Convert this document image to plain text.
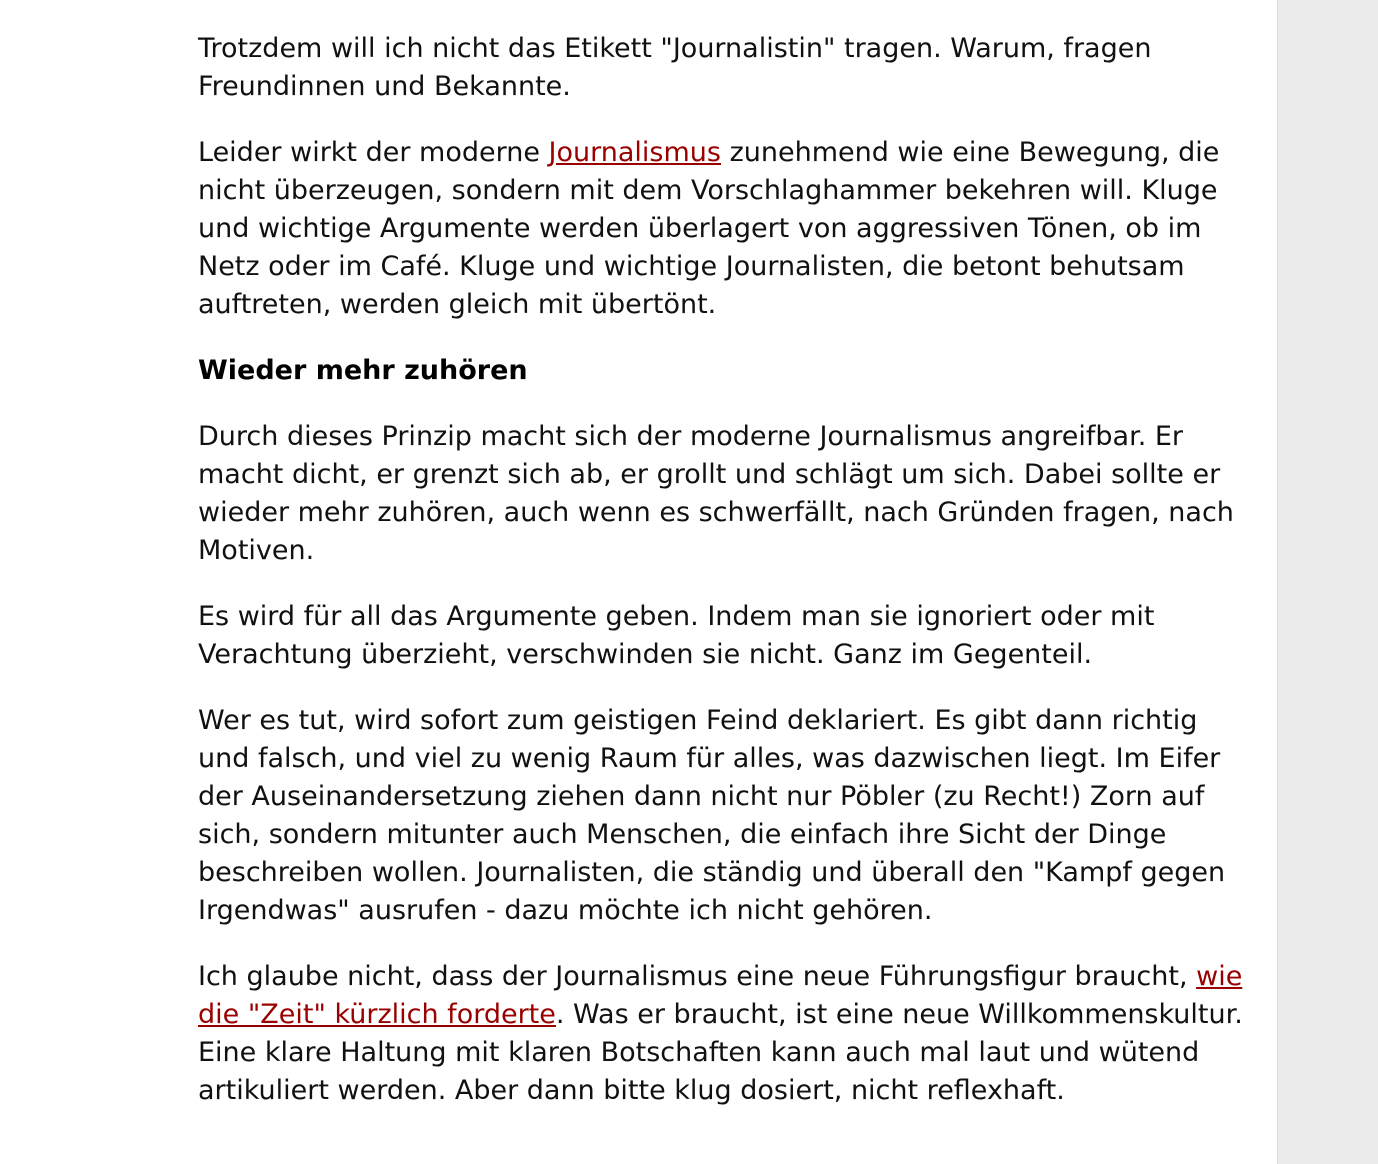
Trotzdem will ich nicht das Etikett "Journalistin" tragen. Warum, fragen Freundinnen und Bekannte.

Leider wirkt der moderne Journalismus zunehmend wie eine Bewegung, die nicht überzeugen, sondern mit dem Vorschlaghammer bekehren will. Kluge und wichtige Argumente werden überlagert von aggressiven Tönen, ob im Netz oder im Café. Kluge und wichtige Journalisten, die betont behutsam auftreten, werden gleich mit übertönt.

Wieder mehr zuhören

Durch dieses Prinzip macht sich der moderne Journalismus angreifbar. Er macht dicht, er grenzt sich ab, er grollt und schlägt um sich. Dabei sollte er wieder mehr zuhören, auch wenn es schwerfällt, nach Gründen fragen, nach Motiven.

Es wird für all das Argumente geben. Indem man sie ignoriert oder mit Verachtung überzieht, verschwinden sie nicht. Ganz im Gegenteil.

Wer es tut, wird sofort zum geistigen Feind deklariert. Es gibt dann richtig und falsch, und viel zu wenig Raum für alles, was dazwischen liegt. Im Eifer der Auseinandersetzung ziehen dann nicht nur Pöbler (zu Recht!) Zorn auf sich, sondern mitunter auch Menschen, die einfach ihre Sicht der Dinge beschreiben wollen. Journalisten, die ständig und überall den "Kampf gegen Irgendwas" ausrufen - dazu möchte ich nicht gehören.

Ich glaube nicht, dass der Journalismus eine neue Führungsfigur braucht, wie die "Zeit" kürzlich forderte. Was er braucht, ist eine neue Willkommenskultur. Eine klare Haltung mit klaren Botschaften kann auch mal laut und wütend artikuliert werden. Aber dann bitte klug dosiert, nicht reflexhaft.
